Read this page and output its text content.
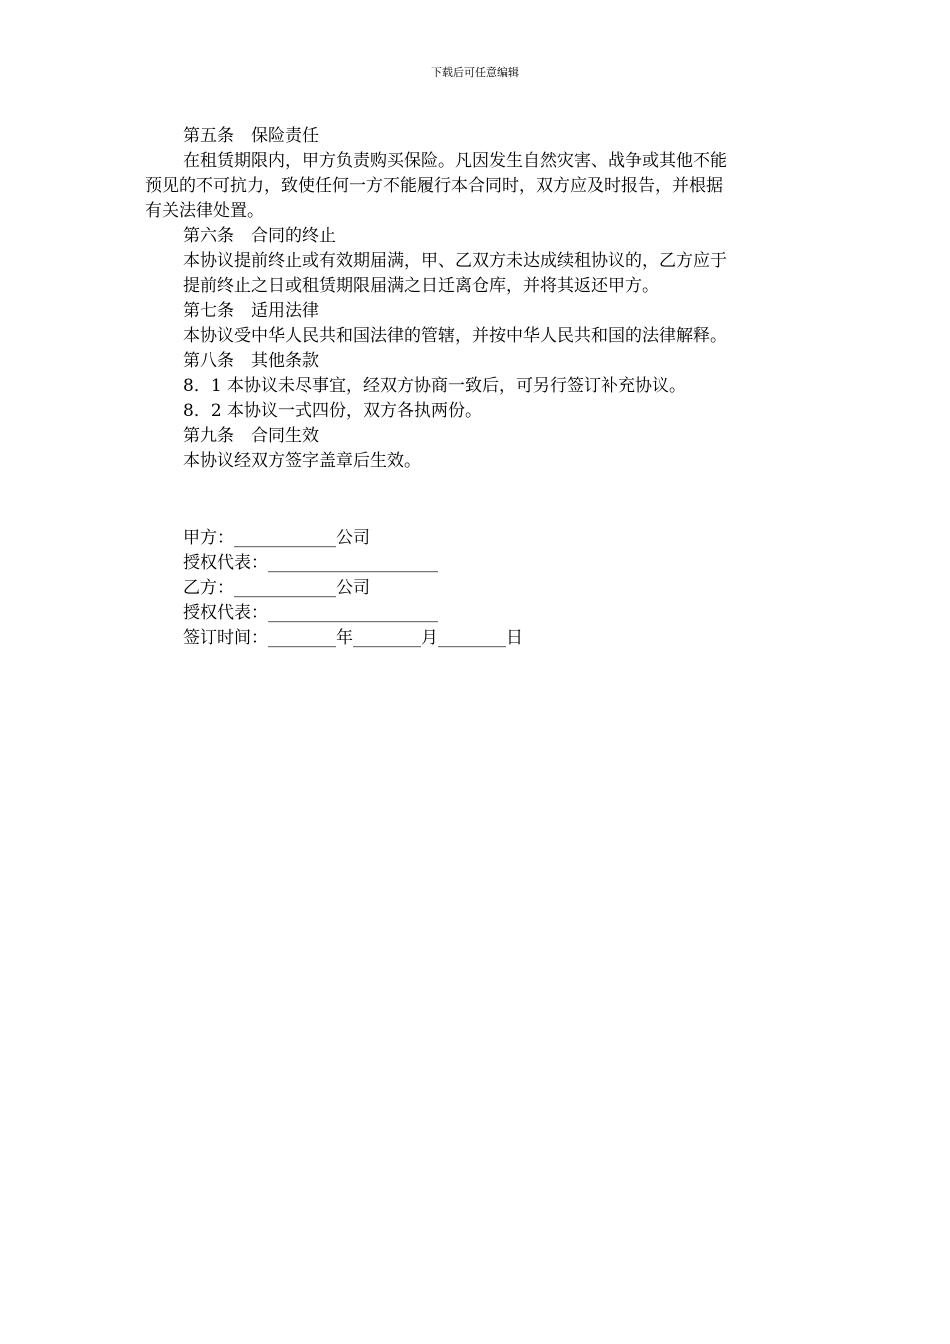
下载后可任意编辑
第五条　保险责任
在租赁期限内，甲方负责购买保险。凡因发生自然灾害、战争或其他不能
预见的不可抗力，致使任何一方不能履行本合同时，双方应及时报告，并根据
有关法律处置。
第六条　合同的终止
本协议提前终止或有效期届满，甲、乙双方未达成续租协议的，乙方应于
提前终止之日或租赁期限届满之日迁离仓库，并将其返还甲方。
第七条　适用法律
本协议受中华人民共和国法律的管辖，并按中华人民共和国的法律解释。
第八条　其他条款
8．1 本协议未尽事宜，经双方协商一致后，可另行签订补充协议。
8．2 本协议一式四份，双方各执两份。
第九条　合同生效
本协议经双方签字盖章后生效。
甲方：____________公司
授权代表：____________________
乙方：____________公司
授权代表：____________________
签订时间：________年________月________日
